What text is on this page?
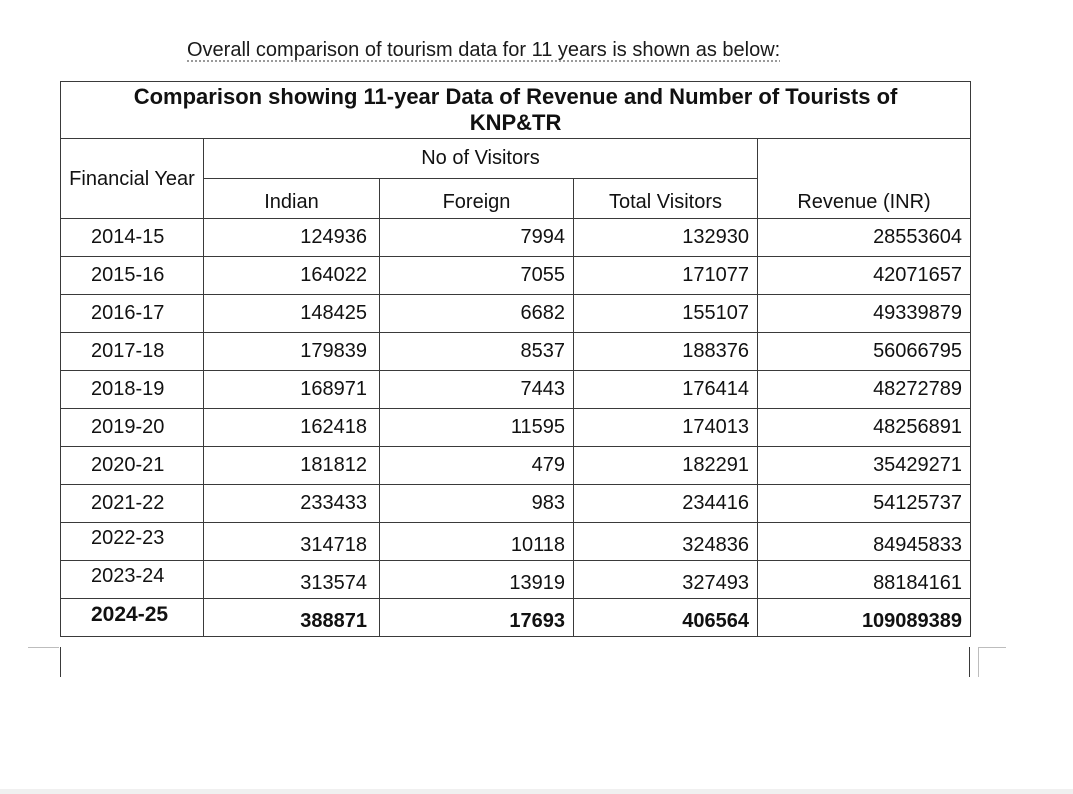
Overall comparison of tourism data for 11 years is shown as below:
Comparison showing 11-year Data of Revenue and Number of Tourists of KNP&TR				
Financial Year	No of Visitors			Revenue (INR)
	Indian	Foreign	Total Visitors	
2014-15	124936	7994	132930	28553604
2015-16	164022	7055	171077	42071657
2016-17	148425	6682	155107	49339879
2017-18	179839	8537	188376	56066795
2018-19	168971	7443	176414	48272789
2019-20	162418	11595	174013	48256891
2020-21	181812	479	182291	35429271
2021-22	233433	983	234416	54125737
2022-23	314718	10118	324836	84945833
2023-24	313574	13919	327493	88184161
2024-25	388871	17693	406564	109089389
